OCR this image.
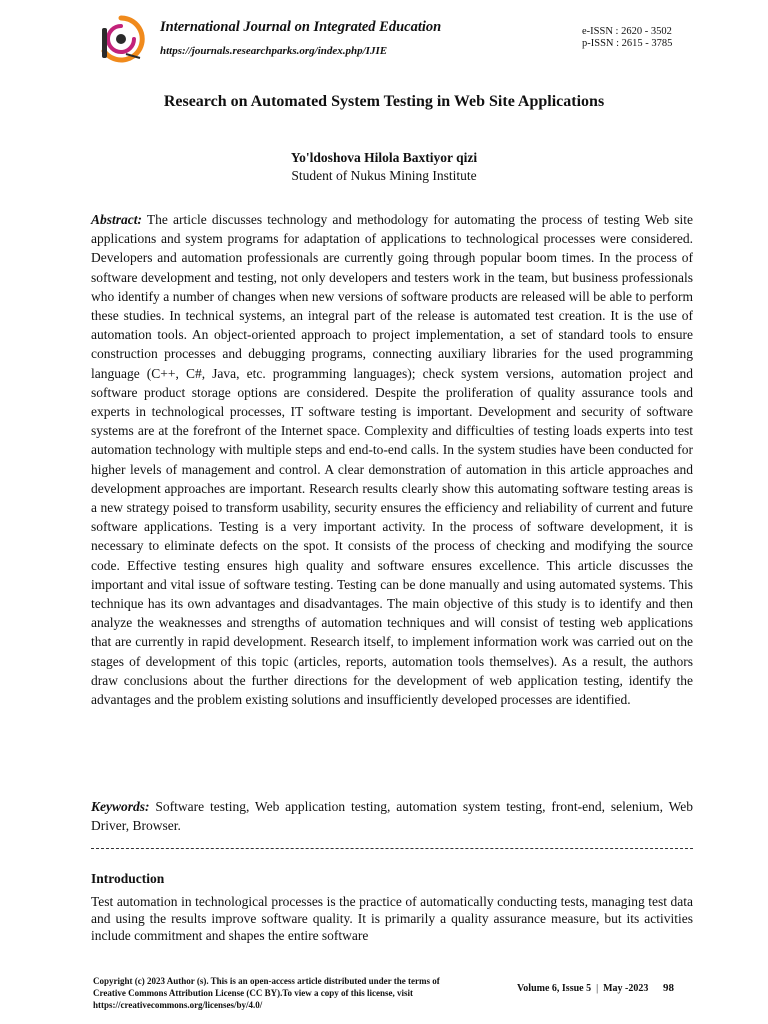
International Journal on Integrated Education
https://journals.researchparks.org/index.php/IJIE
e-ISSN : 2620 - 3502
p-ISSN : 2615 - 3785
Research on Automated System Testing in Web Site Applications
Yo'ldoshova Hilola Baxtiyor qizi
Student of Nukus Mining Institute

Abstract: The article discusses technology and methodology for automating the process of testing Web site applications and system programs for adaptation of applications to technological processes were considered. Developers and automation professionals are currently going through popular boom times. In the process of software development and testing, not only developers and testers work in the team, but business professionals who identify a number of changes when new versions of software products are released will be able to perform these studies. In technical systems, an integral part of the release is automated test creation. It is the use of automation tools. An object-oriented approach to project implementation, a set of standard tools to ensure construction processes and debugging programs, connecting auxiliary libraries for the used programming language (C++, C#, Java, etc. programming languages); check system versions, automation project and software product storage options are considered. Despite the proliferation of quality assurance tools and experts in technological processes, IT software testing is important. Development and security of software systems are at the forefront of the Internet space. Complexity and difficulties of testing loads experts into test automation technology with multiple steps and end-to-end calls. In the system studies have been conducted for higher levels of management and control. A clear demonstration of automation in this article approaches and development approaches are important. Research results clearly show this automating software testing areas is a new strategy poised to transform usability, security ensures the efficiency and reliability of current and future software applications. Testing is a very important activity. In the process of software development, it is necessary to eliminate defects on the spot. It consists of the process of checking and modifying the source code. Effective testing ensures high quality and software ensures excellence. This article discusses the important and vital issue of software testing. Testing can be done manually and using automated systems. This technique has its own advantages and disadvantages. The main objective of this study is to identify and then analyze the weaknesses and strengths of automation techniques and will consist of testing web applications that are currently in rapid development. Research itself, to implement information work was carried out on the stages of development of this topic (articles, reports, automation tools themselves). As a result, the authors draw conclusions about the further directions for the development of web application testing, identify the advantages and the problem existing solutions and insufficiently developed processes are identified.

Keywords: Software testing, Web application testing, automation system testing, front-end, selenium, Web Driver, Browser.

Introduction

Test automation in technological processes is the practice of automatically conducting tests, managing test data and using the results improve software quality. It is primarily a quality assurance measure, but its activities include commitment and shapes the entire software

Copyright (c) 2023 Author (s). This is an open-access article distributed under the terms of Creative Commons Attribution License (CC BY).To view a copy of this license, visit https://creativecommons.org/licenses/by/4.0/
Volume 6, Issue 5 | May -2023 98
